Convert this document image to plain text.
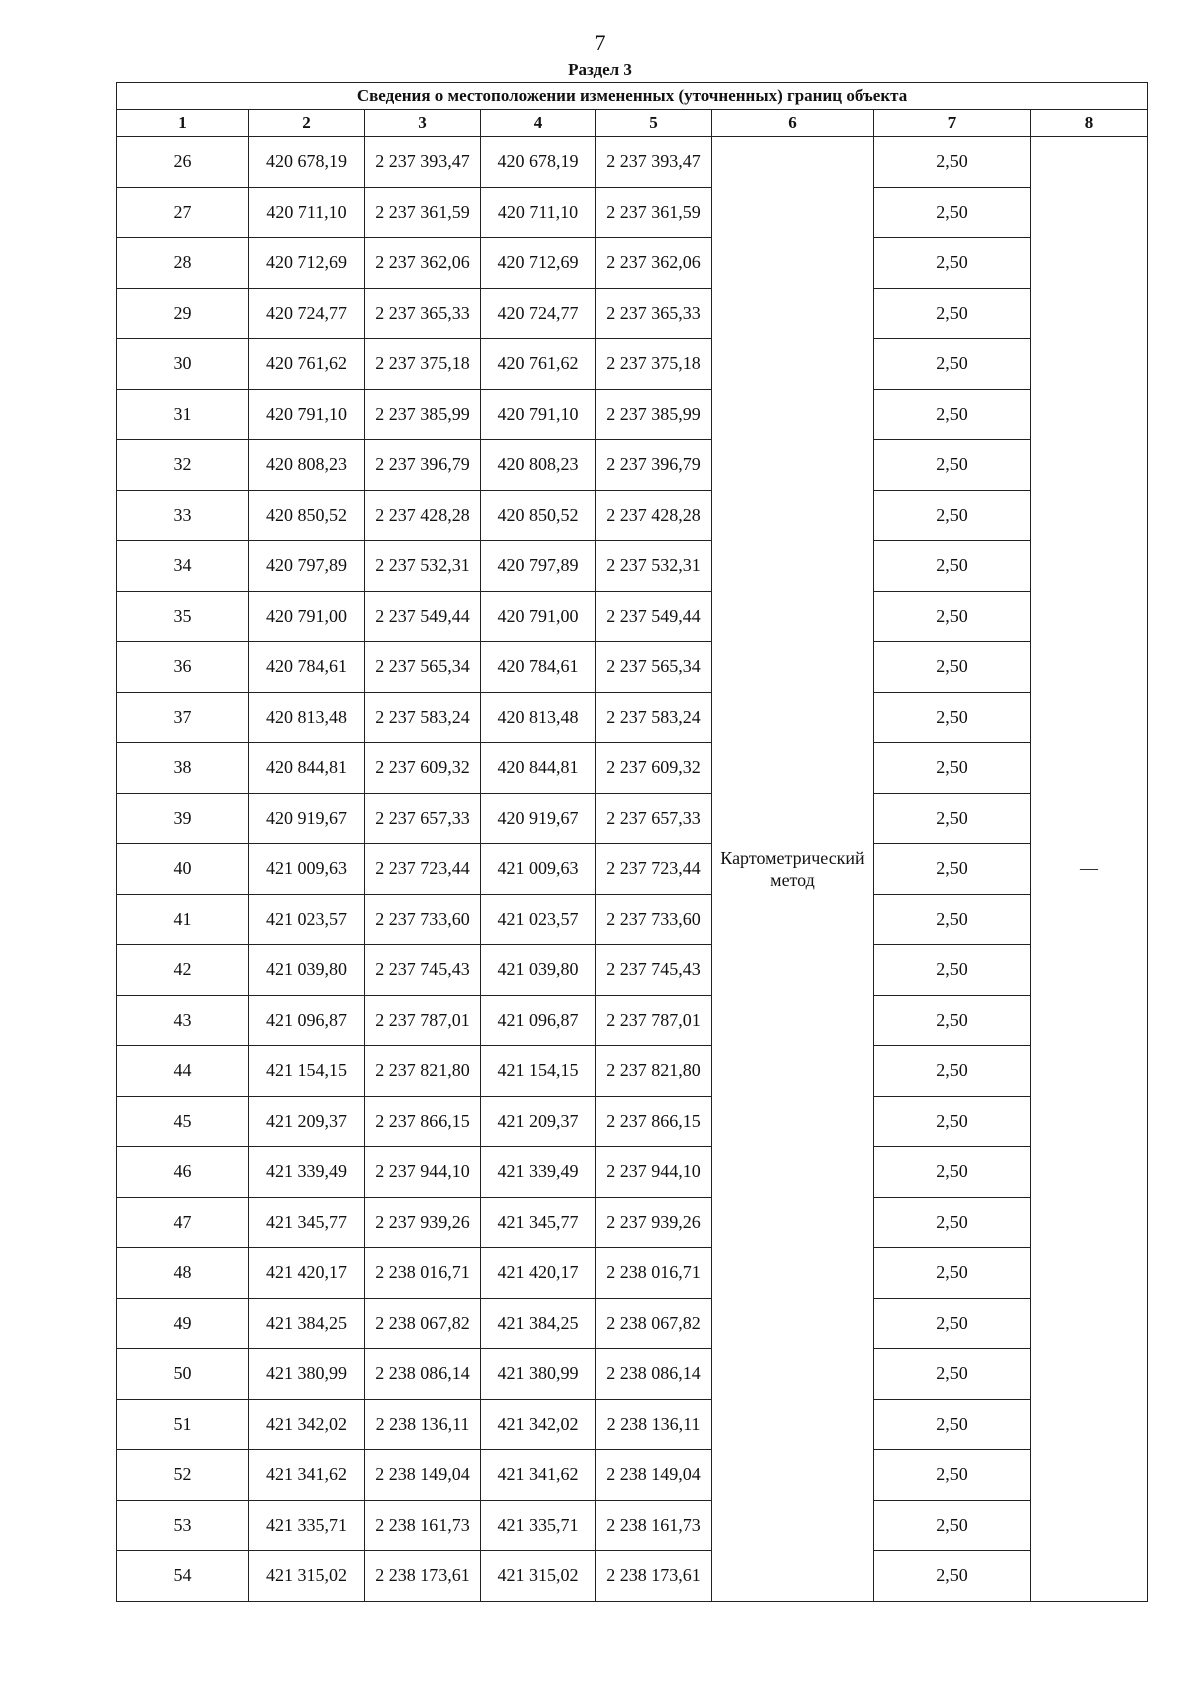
7
Раздел 3
Сведения о местоположении измененных (уточненных) границ объекта							
1	2	3	4	5	6	7	8
26	420 678,19	2 237 393,47	420 678,19	2 237 393,47	Картометрический метод	2,50	—
27	420 711,10	2 237 361,59	420 711,10	2 237 361,59		2,50	
28	420 712,69	2 237 362,06	420 712,69	2 237 362,06		2,50	
29	420 724,77	2 237 365,33	420 724,77	2 237 365,33		2,50	
30	420 761,62	2 237 375,18	420 761,62	2 237 375,18		2,50	
31	420 791,10	2 237 385,99	420 791,10	2 237 385,99		2,50	
32	420 808,23	2 237 396,79	420 808,23	2 237 396,79		2,50	
33	420 850,52	2 237 428,28	420 850,52	2 237 428,28		2,50	
34	420 797,89	2 237 532,31	420 797,89	2 237 532,31		2,50	
35	420 791,00	2 237 549,44	420 791,00	2 237 549,44		2,50	
36	420 784,61	2 237 565,34	420 784,61	2 237 565,34		2,50	
37	420 813,48	2 237 583,24	420 813,48	2 237 583,24		2,50	
38	420 844,81	2 237 609,32	420 844,81	2 237 609,32		2,50	
39	420 919,67	2 237 657,33	420 919,67	2 237 657,33		2,50	
40	421 009,63	2 237 723,44	421 009,63	2 237 723,44		2,50	
41	421 023,57	2 237 733,60	421 023,57	2 237 733,60		2,50	
42	421 039,80	2 237 745,43	421 039,80	2 237 745,43		2,50	
43	421 096,87	2 237 787,01	421 096,87	2 237 787,01		2,50	
44	421 154,15	2 237 821,80	421 154,15	2 237 821,80		2,50	
45	421 209,37	2 237 866,15	421 209,37	2 237 866,15		2,50	
46	421 339,49	2 237 944,10	421 339,49	2 237 944,10		2,50	
47	421 345,77	2 237 939,26	421 345,77	2 237 939,26		2,50	
48	421 420,17	2 238 016,71	421 420,17	2 238 016,71		2,50	
49	421 384,25	2 238 067,82	421 384,25	2 238 067,82		2,50	
50	421 380,99	2 238 086,14	421 380,99	2 238 086,14		2,50	
51	421 342,02	2 238 136,11	421 342,02	2 238 136,11		2,50	
52	421 341,62	2 238 149,04	421 341,62	2 238 149,04		2,50	
53	421 335,71	2 238 161,73	421 335,71	2 238 161,73		2,50	
54	421 315,02	2 238 173,61	421 315,02	2 238 173,61		2,50	
